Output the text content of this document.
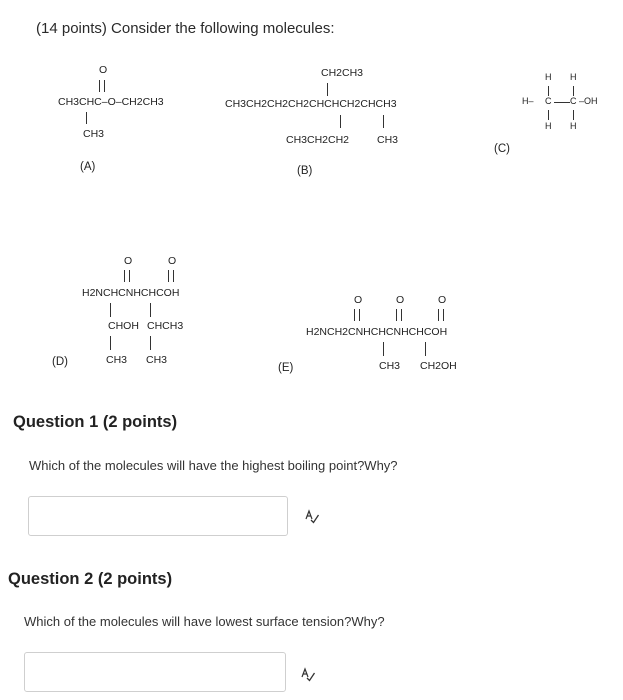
(14 points) Consider the following molecules:
O
CH3CHC–O–CH2CH3
CH3
(A)
CH2CH3
CH3CH2CH2CH2CHCHCH2CHCH3
CH3CH2CH2	CH3
(B)
H H
H– C C –OH
H H
(C)
O	O
H2NCHCNHCHCOH
CHOH CHCH3
CH3 CH3
(D)
O	O	O
H2NCH2CNHCHCNHCHCOH
CH3 CH2OH
(E)
Question 1 (2 points)
Which of the molecules will have the highest boiling point?Why?
Question 2 (2 points)
Which of the molecules will have lowest surface tension?Why?
